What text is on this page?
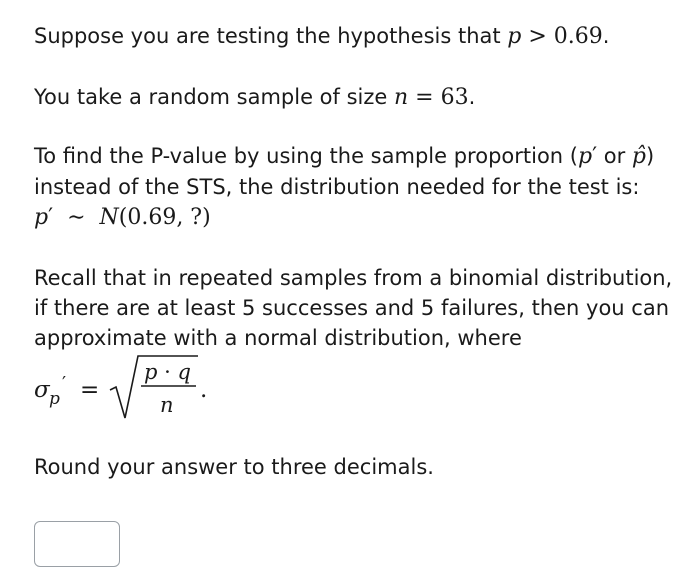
Suppose you are testing the hypothesis that p > 0.69.

You take a random sample of size n = 63.

To find the P-value by using the sample proportion (p′ or p̂)
instead of the STS, the distribution needed for the test is:
p′  ∼  N(0.69, ?)

Recall that in repeated samples from a binomial distribution,
if there are at least 5 successes and 5 failures, then you can
approximate with a normal distribution, where

Round your answer to three decimals.

σ p
′ =
p · q
n
.
